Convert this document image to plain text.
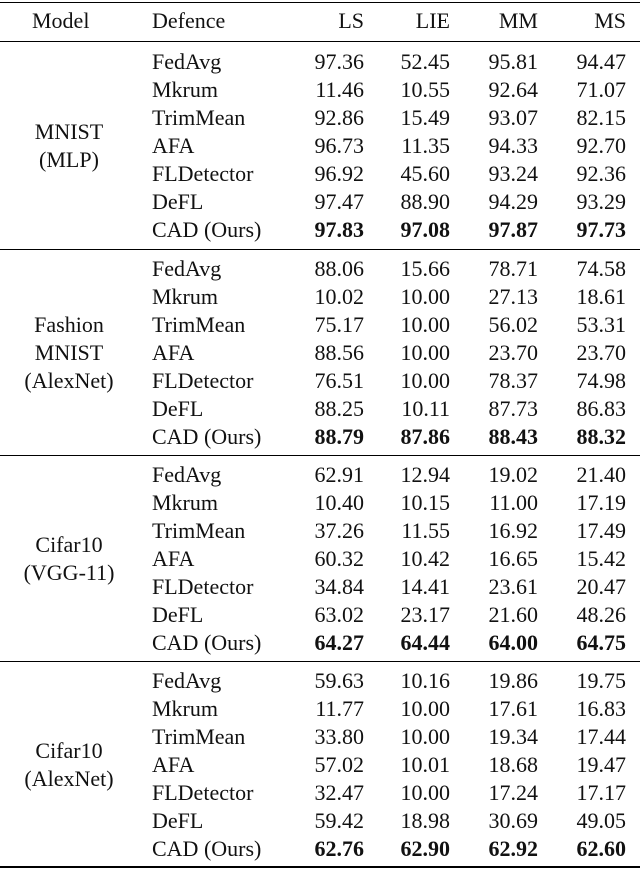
Model	Defence	LS	LIE	MM	MS
MNIST
(MLP)
FedAvg	97.36	52.45	95.81	94.47
Mkrum	11.46	10.55	92.64	71.07
TrimMean	92.86	15.49	93.07	82.15
AFA	96.73	11.35	94.33	92.70
FLDetector	96.92	45.60	93.24	92.36
DeFL	97.47	88.90	94.29	93.29
CAD (Ours)	97.83	97.08	97.87	97.73
Fashion
MNIST
(AlexNet)
FedAvg	88.06	15.66	78.71	74.58
Mkrum	10.02	10.00	27.13	18.61
TrimMean	75.17	10.00	56.02	53.31
AFA	88.56	10.00	23.70	23.70
FLDetector	76.51	10.00	78.37	74.98
DeFL	88.25	10.11	87.73	86.83
CAD (Ours)	88.79	87.86	88.43	88.32
Cifar10
(VGG-11)
FedAvg	62.91	12.94	19.02	21.40
Mkrum	10.40	10.15	11.00	17.19
TrimMean	37.26	11.55	16.92	17.49
AFA	60.32	10.42	16.65	15.42
FLDetector	34.84	14.41	23.61	20.47
DeFL	63.02	23.17	21.60	48.26
CAD (Ours)	64.27	64.44	64.00	64.75
Cifar10
(AlexNet)
FedAvg	59.63	10.16	19.86	19.75
Mkrum	11.77	10.00	17.61	16.83
TrimMean	33.80	10.00	19.34	17.44
AFA	57.02	10.01	18.68	19.47
FLDetector	32.47	10.00	17.24	17.17
DeFL	59.42	18.98	30.69	49.05
CAD (Ours)	62.76	62.90	62.92	62.60
